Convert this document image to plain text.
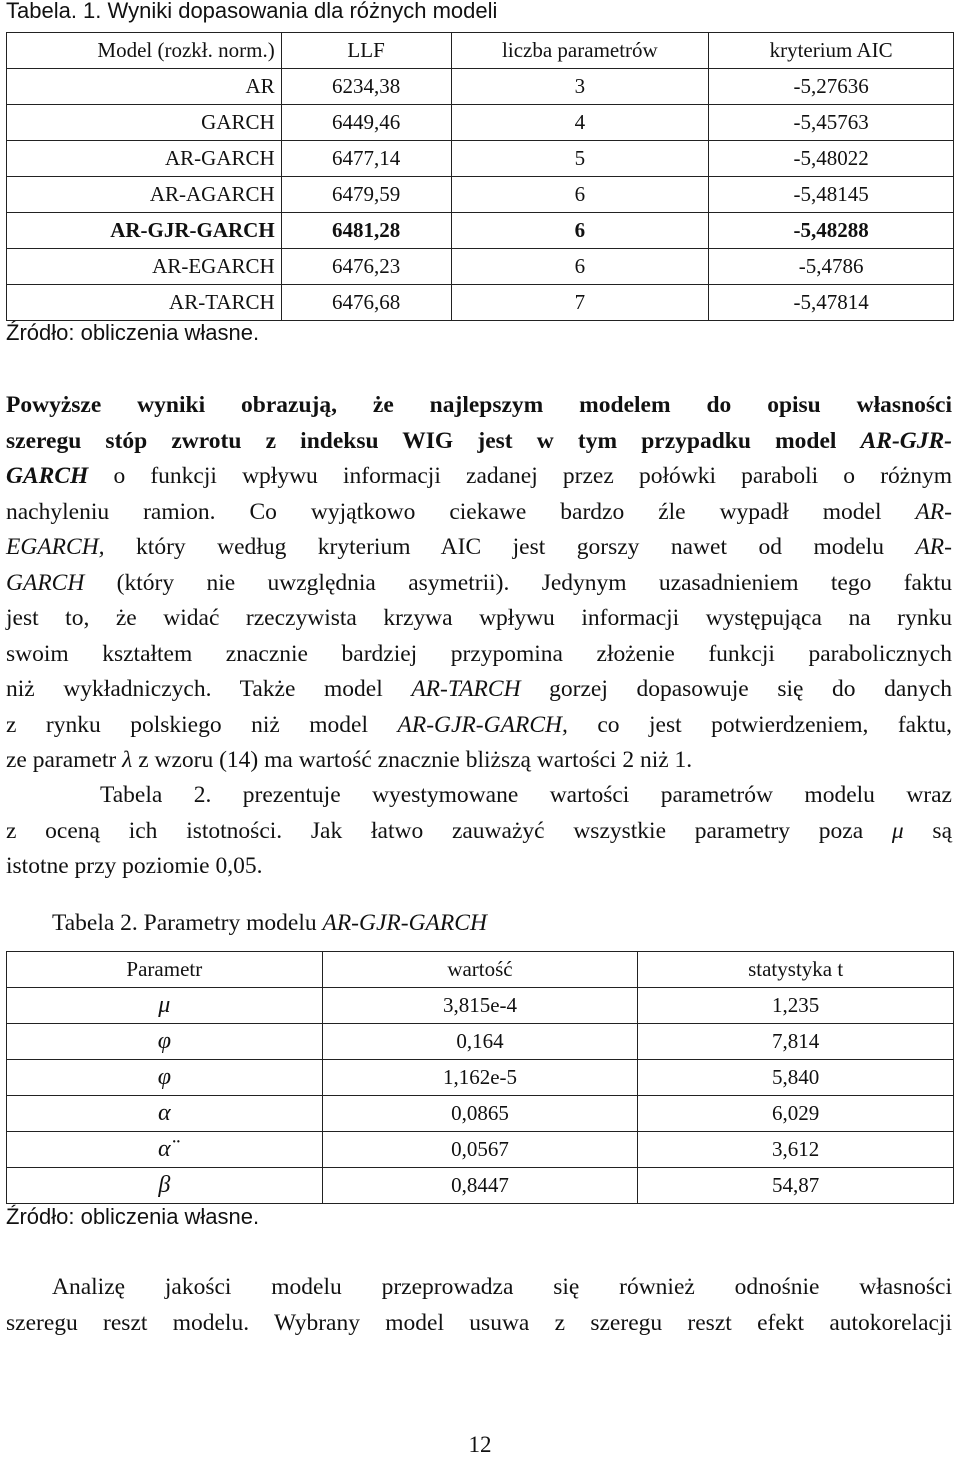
Tabela. 1. Wyniki dopasowania dla różnych modeli
Model (rozkł. norm.)	LLF	liczba parametrów	kryterium AIC
AR	6234,38	3	-5,27636
GARCH	6449,46	4	-5,45763
AR-GARCH	6477,14	5	-5,48022
AR-AGARCH	6479,59	6	-5,48145
AR-GJR-GARCH	6481,28	6	-5,48288
AR-EGARCH	6476,23	6	-5,4786
AR-TARCH	6476,68	7	-5,47814
Źródło: obliczenia własne.
Powyższe wyniki obrazują, że najlepszym modelem do opisu własności
szeregu stóp zwrotu z indeksu WIG jest w tym przypadku model AR-GJR-
GARCH o funkcji wpływu informacji zadanej przez połówki paraboli o różnym
nachyleniu ramion. Co wyjątkowo ciekawe bardzo źle wypadł model AR-
EGARCH, który według kryterium AIC jest gorszy nawet od modelu AR-
GARCH (który nie uwzględnia asymetrii). Jedynym uzasadnieniem tego faktu
jest to, że widać rzeczywista krzywa wpływu informacji występująca na rynku
swoim kształtem znacznie bardziej przypomina złożenie funkcji parabolicznych
niż wykładniczych. Także model AR-TARCH gorzej dopasowuje się do danych
z rynku polskiego niż model AR-GJR-GARCH, co jest potwierdzeniem, faktu,
ze parametr λ z wzoru (14) ma wartość znacznie bliższą wartości 2 niż 1.
Tabela 2. prezentuje wyestymowane wartości parametrów modelu wraz
z oceną ich istotności. Jak łatwo zauważyć wszystkie parametry poza μ są
istotne przy poziomie 0,05.
Tabela 2. Parametry modelu AR-GJR-GARCH
Parametr	wartość	statystyka t
μ	3,815e-4	1,235
φ	0,164	7,814
φ	1,162e-5	5,840
α	0,0865	6,029
α̈	0,0567	3,612
β	0,8447	54,87
Źródło: obliczenia własne.
Analizę jakości modelu przeprowadza się również odnośnie własności
szeregu reszt modelu. Wybrany model usuwa z szeregu reszt efekt autokorelacji
12
